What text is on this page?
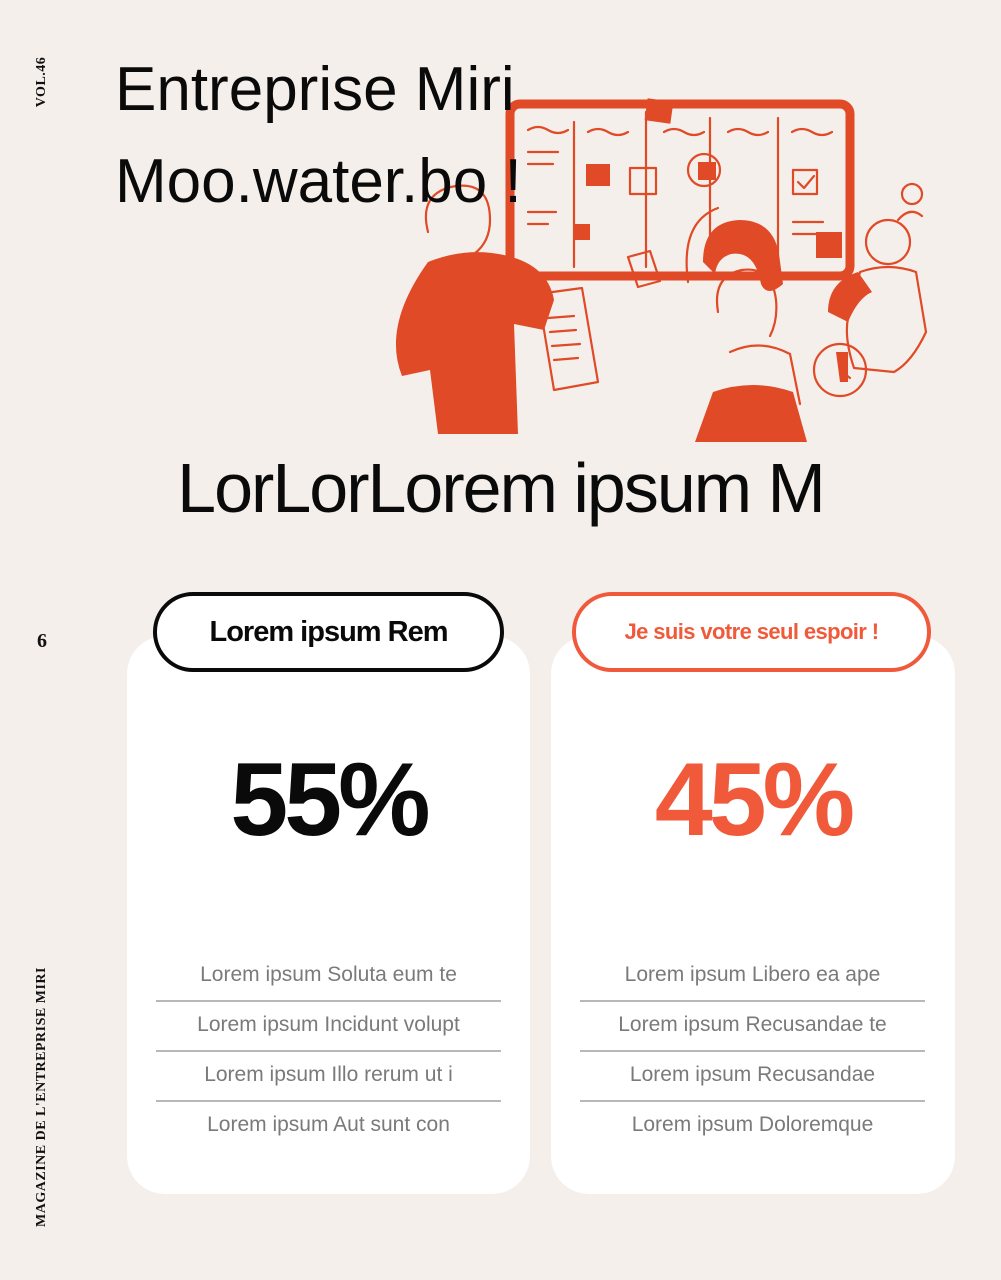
VOL.46
6
MAGAZINE DE L'ENTREPRISE MIRI
Entreprise Miri
Moo.water.bo !
LorLorLorem ipsum M
Lorem ipsum Rem	Je suis votre seul espoir !
55%	45%
Lorem ipsum Soluta eum te
Lorem ipsum Incidunt volupt
Lorem ipsum Illo rerum ut i
Lorem ipsum Aut sunt con
Lorem ipsum Libero ea ape
Lorem ipsum Recusandae te
Lorem ipsum Recusandae
Lorem ipsum Doloremque
